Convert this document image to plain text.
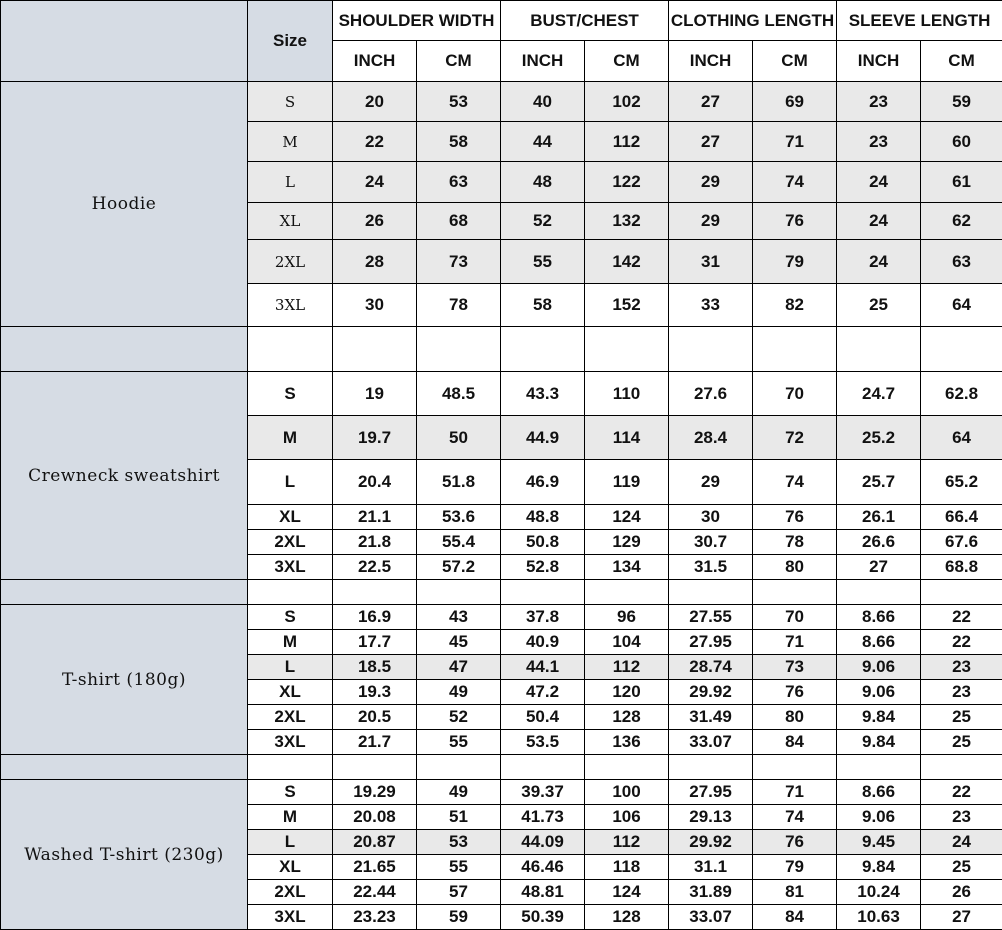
	Size	SHOULDER WIDTH		BUST/CHEST		CLOTHING LENGTH		SLEEVE LENGTH	
		INCH	CM	INCH	CM	INCH	CM	INCH	CM
Hoodie	S	20	53	40	102	27	69	23	59
	M	22	58	44	112	27	71	23	60
	L	24	63	48	122	29	74	24	61
	XL	26	68	52	132	29	76	24	62
	2XL	28	73	55	142	31	79	24	63
	3XL	30	78	58	152	33	82	25	64

Crewneck sweatshirt	S	19	48.5	43.3	110	27.6	70	24.7	62.8
	M	19.7	50	44.9	114	28.4	72	25.2	64
	L	20.4	51.8	46.9	119	29	74	25.7	65.2
	XL	21.1	53.6	48.8	124	30	76	26.1	66.4
	2XL	21.8	55.4	50.8	129	30.7	78	26.6	67.6
	3XL	22.5	57.2	52.8	134	31.5	80	27	68.8

T-shirt (180g)	S	16.9	43	37.8	96	27.55	70	8.66	22
	M	17.7	45	40.9	104	27.95	71	8.66	22
	L	18.5	47	44.1	112	28.74	73	9.06	23
	XL	19.3	49	47.2	120	29.92	76	9.06	23
	2XL	20.5	52	50.4	128	31.49	80	9.84	25
	3XL	21.7	55	53.5	136	33.07	84	9.84	25

Washed T-shirt (230g)	S	19.29	49	39.37	100	27.95	71	8.66	22
	M	20.08	51	41.73	106	29.13	74	9.06	23
	L	20.87	53	44.09	112	29.92	76	9.45	24
	XL	21.65	55	46.46	118	31.1	79	9.84	25
	2XL	22.44	57	48.81	124	31.89	81	10.24	26
	3XL	23.23	59	50.39	128	33.07	84	10.63	27
